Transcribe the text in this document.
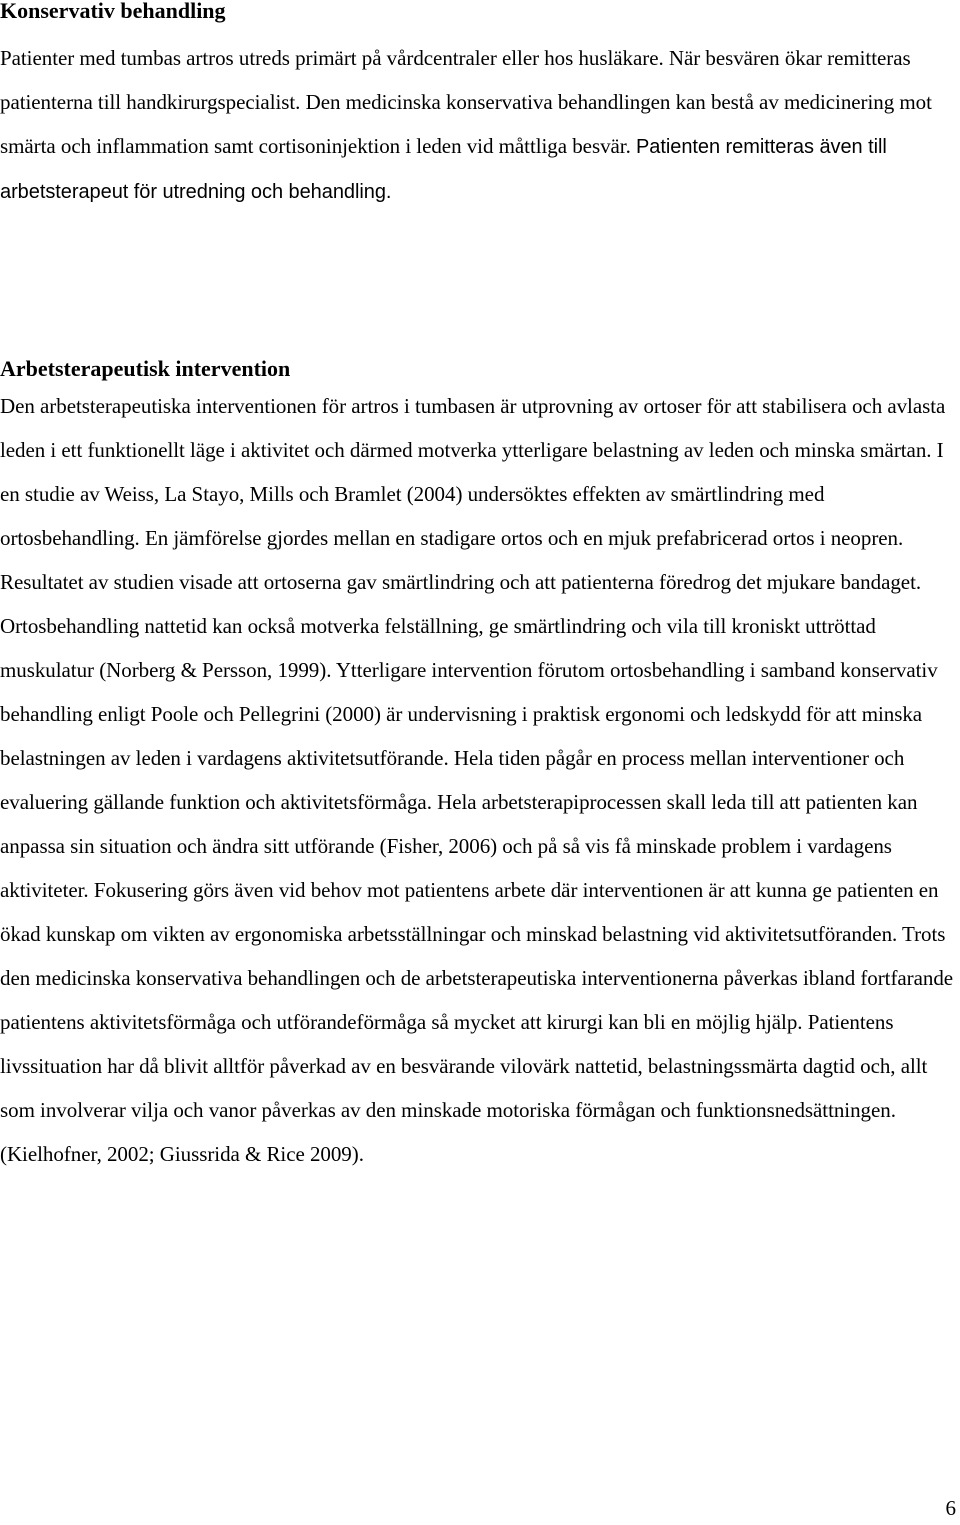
Konservativ behandling

Patienter med tumbas artros utreds primärt på vårdcentraler eller hos husläkare. När besvären ökar remitteras patienterna till handkirurgspecialist. Den medicinska konservativa behandlingen kan bestå av medicinering mot smärta och inflammation samt cortisoninjektion i leden vid måttliga besvär. Patienten remitteras även till arbetsterapeut för utredning och behandling.

Arbetsterapeutisk intervention

Den arbetsterapeutiska interventionen för artros i tumbasen är utprovning av ortoser för att stabilisera och avlasta leden i ett funktionellt läge i aktivitet och därmed motverka ytterligare belastning av leden och minska smärtan. I en studie av Weiss, La Stayo, Mills och Bramlet (2004) undersöktes effekten av smärtlindring med ortosbehandling. En jämförelse gjordes mellan en stadigare ortos och en mjuk prefabricerad ortos i neopren. Resultatet av studien visade att ortoserna gav smärtlindring och att patienterna föredrog det mjukare bandaget. Ortosbehandling nattetid kan också motverka felställning, ge smärtlindring och vila till kroniskt uttröttad muskulatur (Norberg & Persson, 1999). Ytterligare intervention förutom ortosbehandling i samband konservativ behandling enligt Poole och Pellegrini (2000) är undervisning i praktisk ergonomi och ledskydd för att minska belastningen av leden i vardagens aktivitetsutförande. Hela tiden pågår en process mellan interventioner och evaluering gällande funktion och aktivitetsförmåga. Hela arbetsterapiprocessen skall leda till att patienten kan anpassa sin situation och ändra sitt utförande (Fisher, 2006) och på så vis få minskade problem i vardagens aktiviteter. Fokusering görs även vid behov mot patientens arbete där interventionen är att kunna ge patienten en ökad kunskap om vikten av ergonomiska arbetsställningar och minskad belastning vid aktivitetsutföranden. Trots den medicinska konservativa behandlingen och de arbetsterapeutiska interventionerna påverkas ibland fortfarande patientens aktivitetsförmåga och utförandeförmåga så mycket att kirurgi kan bli en möjlig hjälp. Patientens livssituation har då blivit alltför påverkad av en besvärande vilovärk nattetid, belastningssmärta dagtid och, allt som involverar vilja och vanor påverkas av den minskade motoriska förmågan och funktionsnedsättningen. (Kielhofner, 2002; Giussrida & Rice 2009).

6
